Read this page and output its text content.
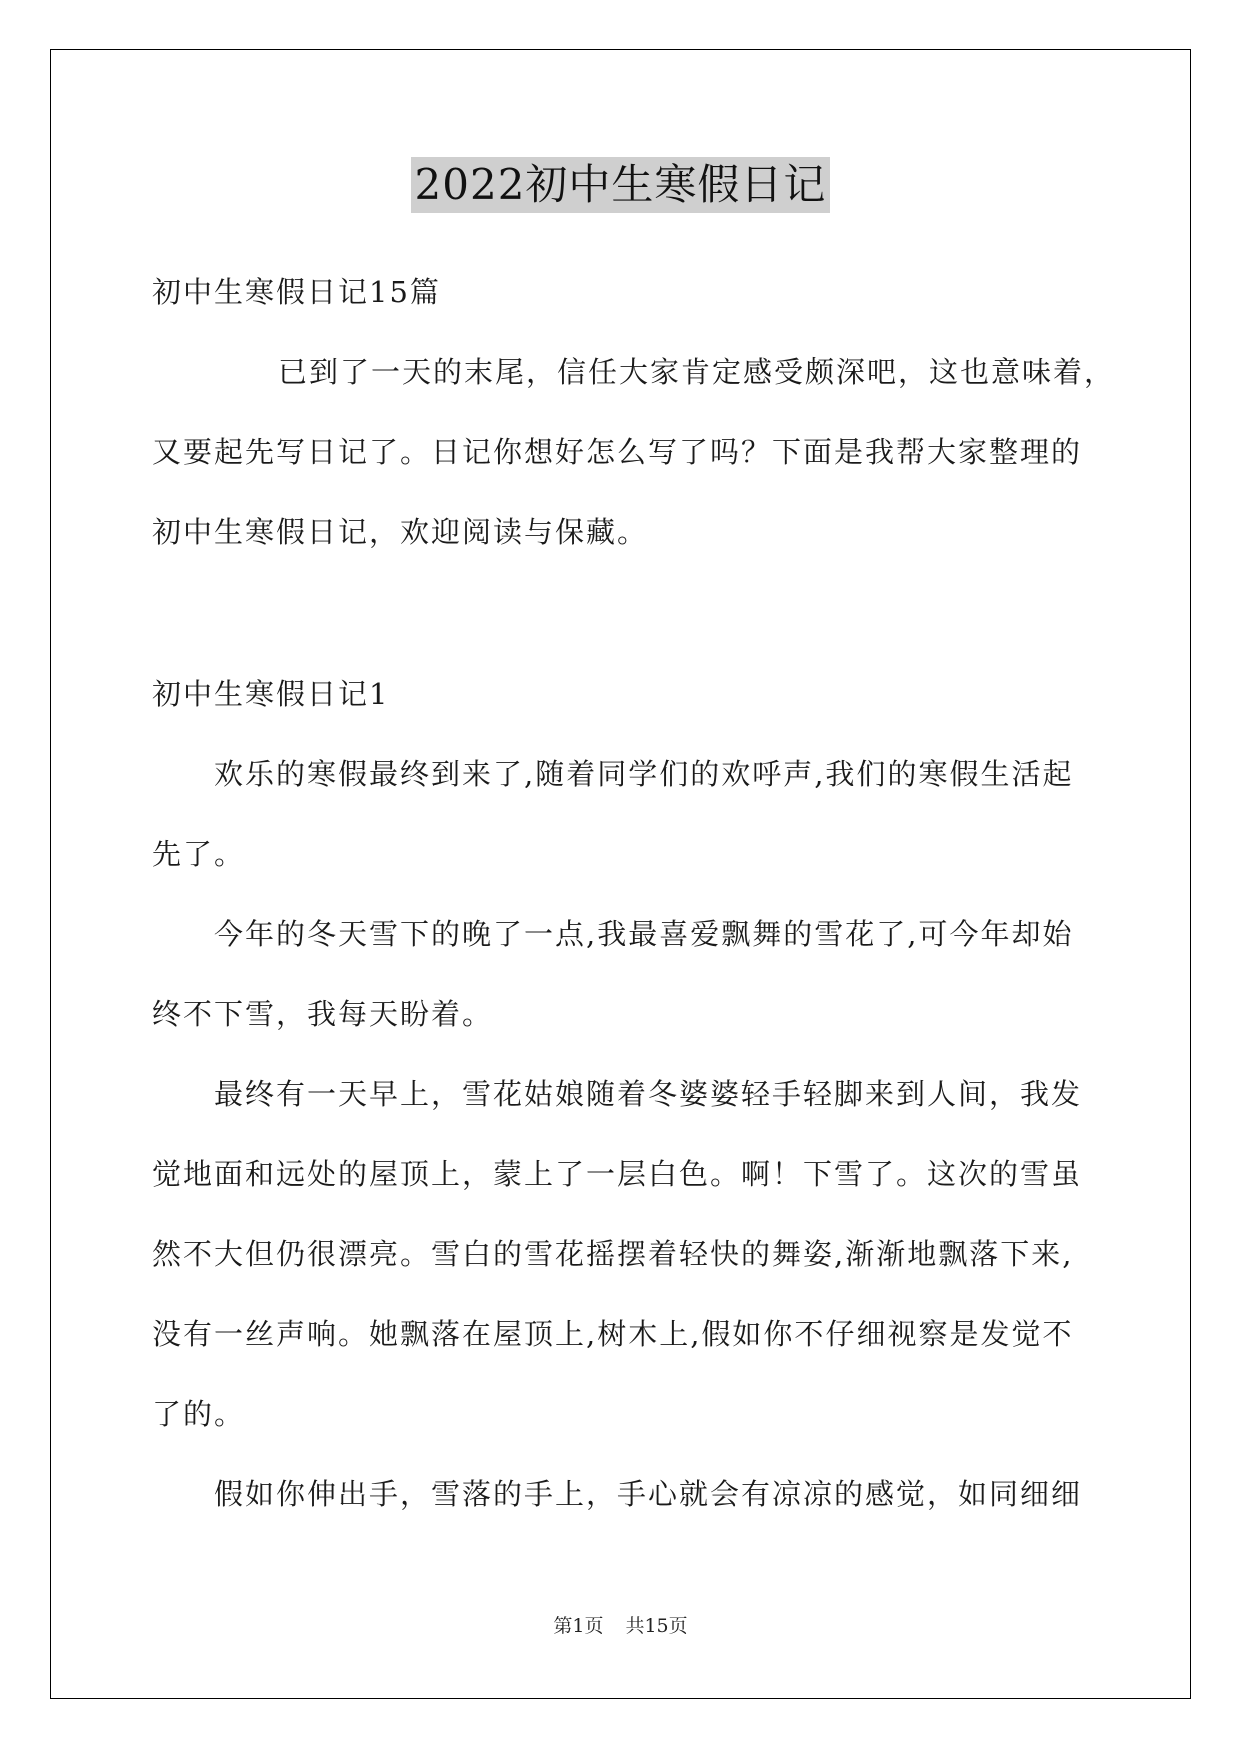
2022初中生寒假日记
初中生寒假日记15篇
已到了一天的末尾，信任大家肯定感受颇深吧，这也意味着，
又要起先写日记了。日记你想好怎么写了吗？下面是我帮大家整理的
初中生寒假日记，欢迎阅读与保藏。
初中生寒假日记1
欢乐的寒假最终到来了,随着同学们的欢呼声,我们的寒假生活起
先了。
今年的冬天雪下的晚了一点,我最喜爱飘舞的雪花了,可今年却始
终不下雪，我每天盼着。
最终有一天早上，雪花姑娘随着冬婆婆轻手轻脚来到人间，我发
觉地面和远处的屋顶上，蒙上了一层白色。啊！下雪了。这次的雪虽
然不大但仍很漂亮。雪白的雪花摇摆着轻快的舞姿,渐渐地飘落下来,
没有一丝声响。她飘落在屋顶上,树木上,假如你不仔细视察是发觉不
了的。
假如你伸出手，雪落的手上，手心就会有凉凉的感觉，如同细细
第1页 共15页
